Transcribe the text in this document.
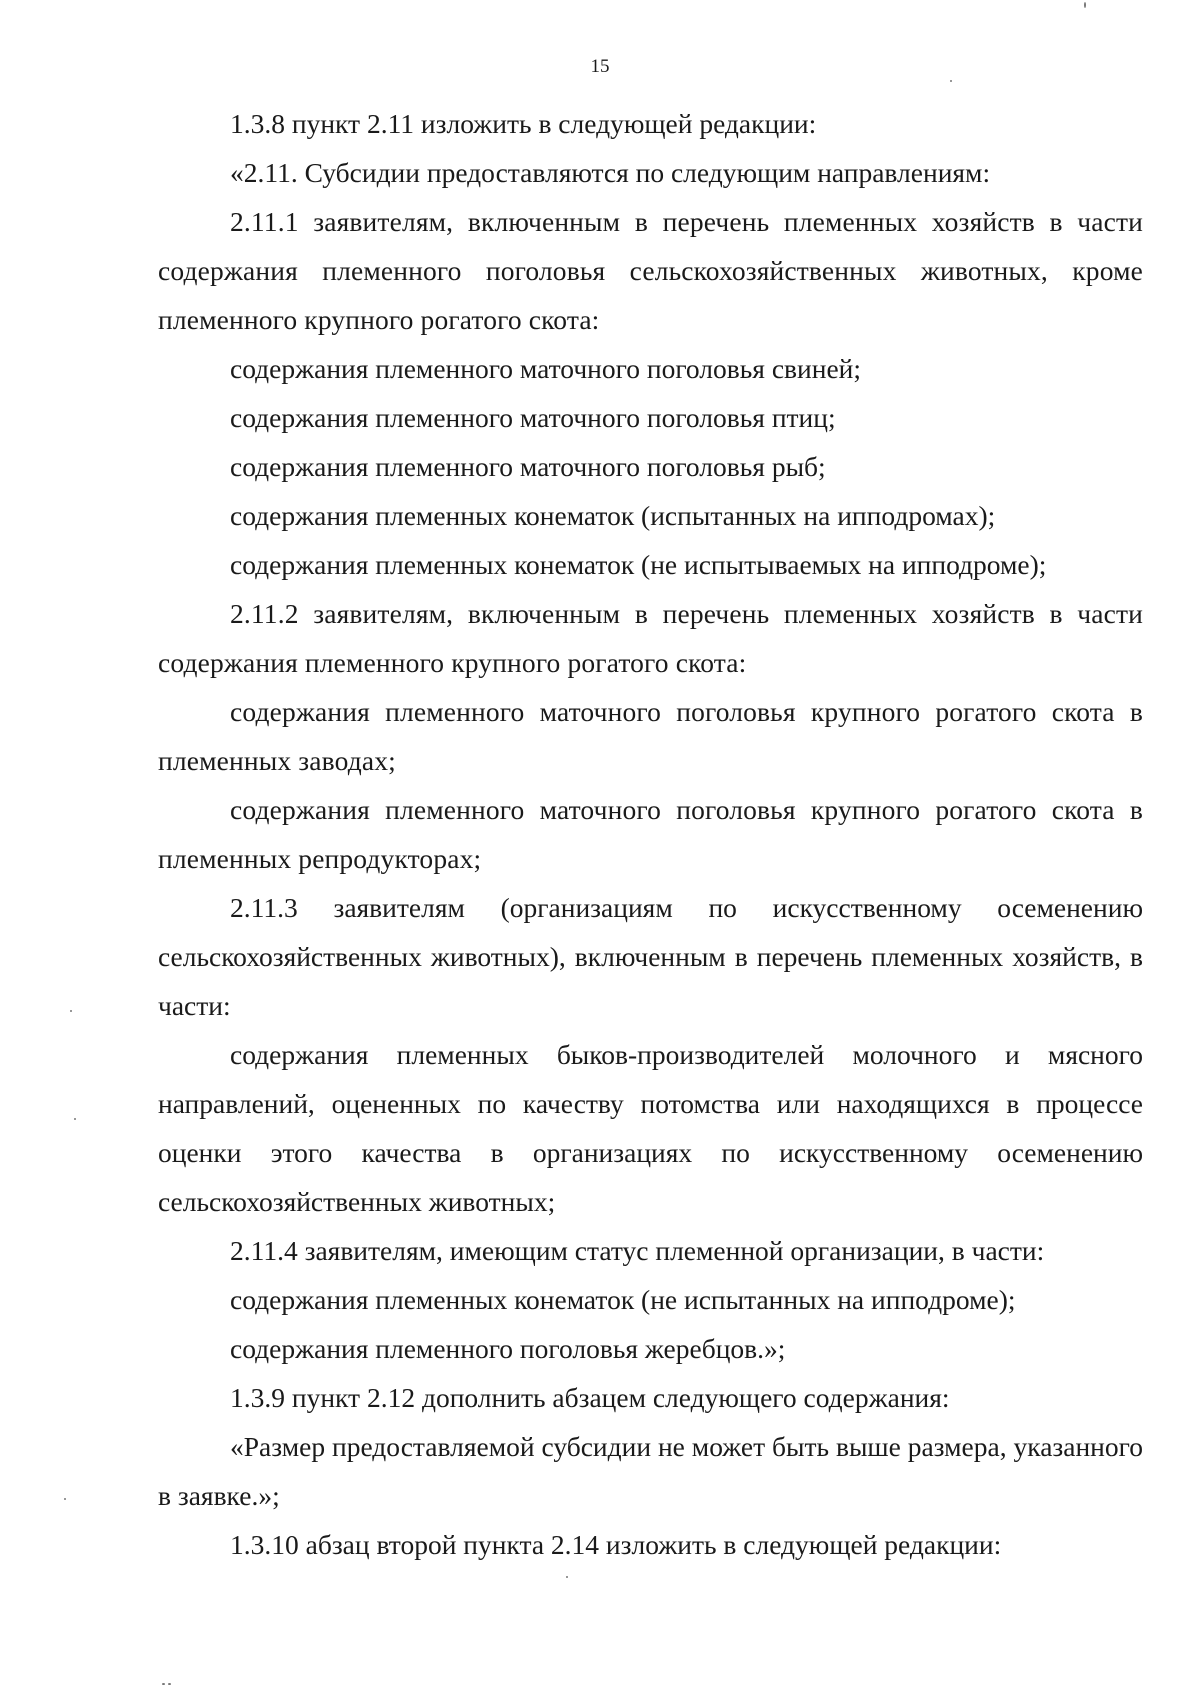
15

1.3.8 пункт 2.11 изложить в следующей редакции:

«2.11. Субсидии предоставляются по следующим направлениям:

2.11.1 заявителям, включенным в перечень племенных хозяйств в части содержания племенного поголовья сельскохозяйственных животных, кроме племенного крупного рогатого скота:

содержания племенного маточного поголовья свиней;

содержания племенного маточного поголовья птиц;

содержания племенного маточного поголовья рыб;

содержания племенных конематок (испытанных на ипподромах);

содержания племенных конематок (не испытываемых на ипподроме);

2.11.2 заявителям, включенным в перечень племенных хозяйств в части содержания племенного крупного рогатого скота:

содержания племенного маточного поголовья крупного рогатого скота в племенных заводах;

содержания племенного маточного поголовья крупного рогатого скота в племенных репродукторах;

2.11.3 заявителям (организациям по искусственному осеменению сельскохозяйственных животных), включенным в перечень племенных хозяйств, в части:

содержания племенных быков-производителей молочного и мясного направлений, оцененных по качеству потомства или находящихся в процессе оценки этого качества в организациях по искусственному осеменению сельскохозяйственных животных;

2.11.4 заявителям, имеющим статус племенной организации, в части:

содержания племенных конематок (не испытанных на ипподроме);

содержания племенного поголовья жеребцов.»;

1.3.9 пункт 2.12 дополнить абзацем следующего содержания:

«Размер предоставляемой субсидии не может быть выше размера, указанного в заявке.»;

1.3.10 абзац второй пункта 2.14 изложить в следующей редакции:
